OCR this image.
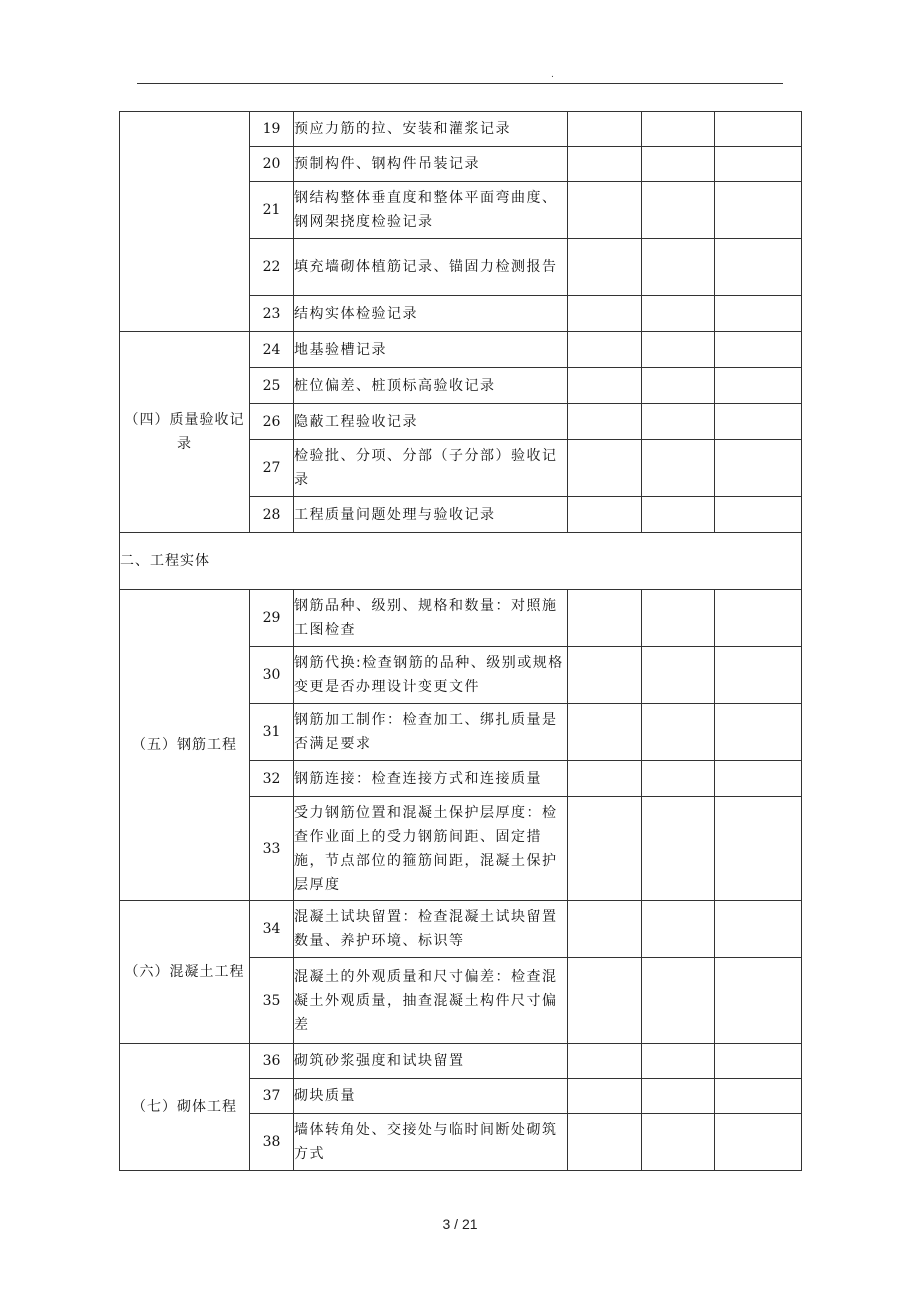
.
	19	预应力筋的拉、安装和灌浆记录			
	20	预制构件、钢构件吊装记录			
	21	钢结构整体垂直度和整体平面弯曲度、钢网架挠度检验记录			
	22	填充墙砌体植筋记录、锚固力检测报告			
	23	结构实体检验记录			
（四）质量验收记录	24	地基验槽记录			
	25	桩位偏差、桩顶标高验收记录			
	26	隐蔽工程验收记录			
	27	检验批、分项、分部（子分部）验收记录			
	28	工程质量问题处理与验收记录			
二、工程实体					
（五）钢筋工程	29	钢筋品种、级别、规格和数量：对照施工图检查			
	30	钢筋代换:检查钢筋的品种、级别或规格变更是否办理设计变更文件			
	31	钢筋加工制作：检查加工、绑扎质量是否满足要求			
	32	钢筋连接：检查连接方式和连接质量			
	33	受力钢筋位置和混凝土保护层厚度：检查作业面上的受力钢筋间距、固定措施，节点部位的箍筋间距，混凝土保护层厚度			
（六）混凝土工程	34	混凝土试块留置：检查混凝土试块留置数量、养护环境、标识等			
	35	混凝土的外观质量和尺寸偏差：检查混凝土外观质量，抽查混凝土构件尺寸偏差			
（七）砌体工程	36	砌筑砂浆强度和试块留置			
	37	砌块质量			
	38	墙体转角处、交接处与临时间断处砌筑方式			
3 / 21
